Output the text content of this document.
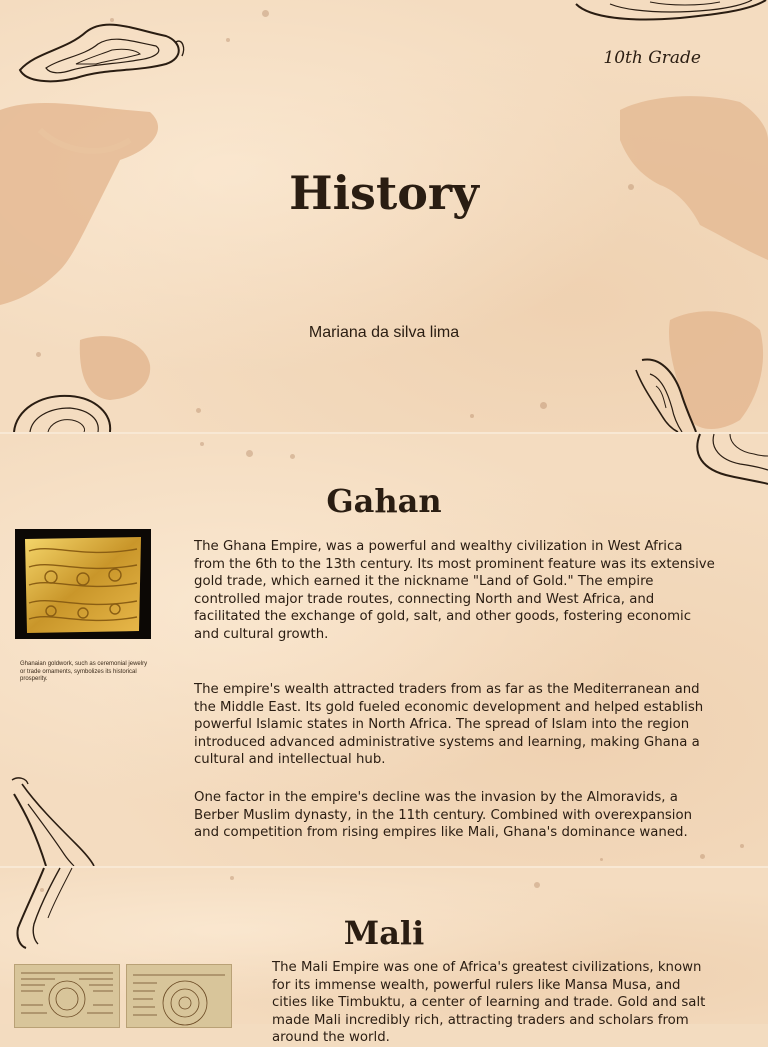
10th Grade
History
Mariana da silva lima
Gahan
Ghanaian goldwork, such as ceremonial jewelry or trade ornaments, symbolizes its historical prosperity.

The Ghana Empire, was a powerful and wealthy civilization in West Africa from the 6th to the 13th century. Its most prominent feature was its extensive gold trade, which earned it the nickname "Land of Gold." The empire controlled major trade routes, connecting North and West Africa, and facilitated the exchange of gold, salt, and other goods, fostering economic and cultural growth.

The empire's wealth attracted traders from as far as the Mediterranean and the Middle East. Its gold fueled economic development and helped establish powerful Islamic states in North Africa. The spread of Islam into the region introduced advanced administrative systems and learning, making Ghana a cultural and intellectual hub.

One factor in the empire's decline was the invasion by the Almoravids, a Berber Muslim dynasty, in the 11th century. Combined with overexpansion and competition from rising empires like Mali, Ghana's dominance waned.

Mali

The Mali Empire was one of Africa's greatest civilizations, known for its immense wealth, powerful rulers like Mansa Musa, and cities like Timbuktu, a center of learning and trade. Gold and salt made Mali incredibly rich, attracting traders and scholars from around the world.
